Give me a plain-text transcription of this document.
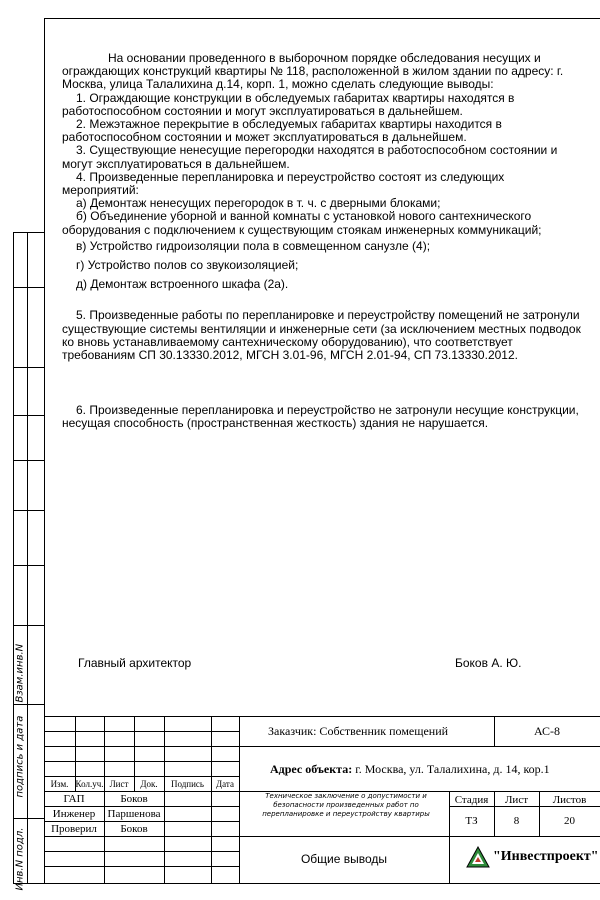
Взам.инв.N
подпись и дата
Инв.N подл.

На основании проведенного в выборочном порядке обследования несущих и ограждающих конструкций квартиры № 118, расположенной в жилом здании по адресу: г. Москва, улица Талалихина д.14, корп. 1, можно сделать следующие выводы:

1. Ограждающие конструкции в обследуемых габаритах квартиры находятся в работоспособном состоянии и могут эксплуатироваться в дальнейшем.

2. Межэтажное перекрытие в обследуемых габаритах квартиры находится в работоспособном состоянии и может эксплуатироваться в дальнейшем.

3. Существующие ненесущие перегородки находятся в работоспособном состоянии и могут эксплуатироваться в дальнейшем.

4. Произведенные перепланировка и переустройство состоят из следующих мероприятий:

а) Демонтаж ненесущих перегородок в т. ч. с дверными блоками;

б) Объединение уборной и ванной комнаты с установкой нового сантехнического оборудования с подключением к существующим стоякам инженерных коммуникаций;

в) Устройство гидроизоляции пола в совмещенном санузле (4);

г) Устройство полов со звукоизоляцией;

д) Демонтаж встроенного шкафа (2а).

5. Произведенные работы по перепланировке и переустройству помещений не затронули существующие системы вентиляции и инженерные сети (за исключением местных подводок ко вновь устанавливаемому сантехническому оборудованию), что соответствует требованиям СП 30.13330.2012, МГСН 3.01-96, МГСН 2.01-94, СП 73.13330.2012.

6. Произведенные перепланировка и переустройство не затронули несущие конструкции, несущая способность (пространственная жесткость) здания не нарушается.

Главный архитектор	Боков А. Ю.
Изм. Кол.уч. Лист	Док.	Подпись	Дата
ГАП	Боков
Инженер	Паршенова
Проверил	Боков
Заказчик: Собственник помещений	АС-8
Адрес объекта: г. Москва, ул. Талалихина, д. 14, кор.1
Техническое заключение о допустимости и безопасности произведенных работ по перепланировке и переустройству квартиры
Стадия	Лист	Листов
ТЗ	8	20
Общие выводы	"Инвестпроект"
